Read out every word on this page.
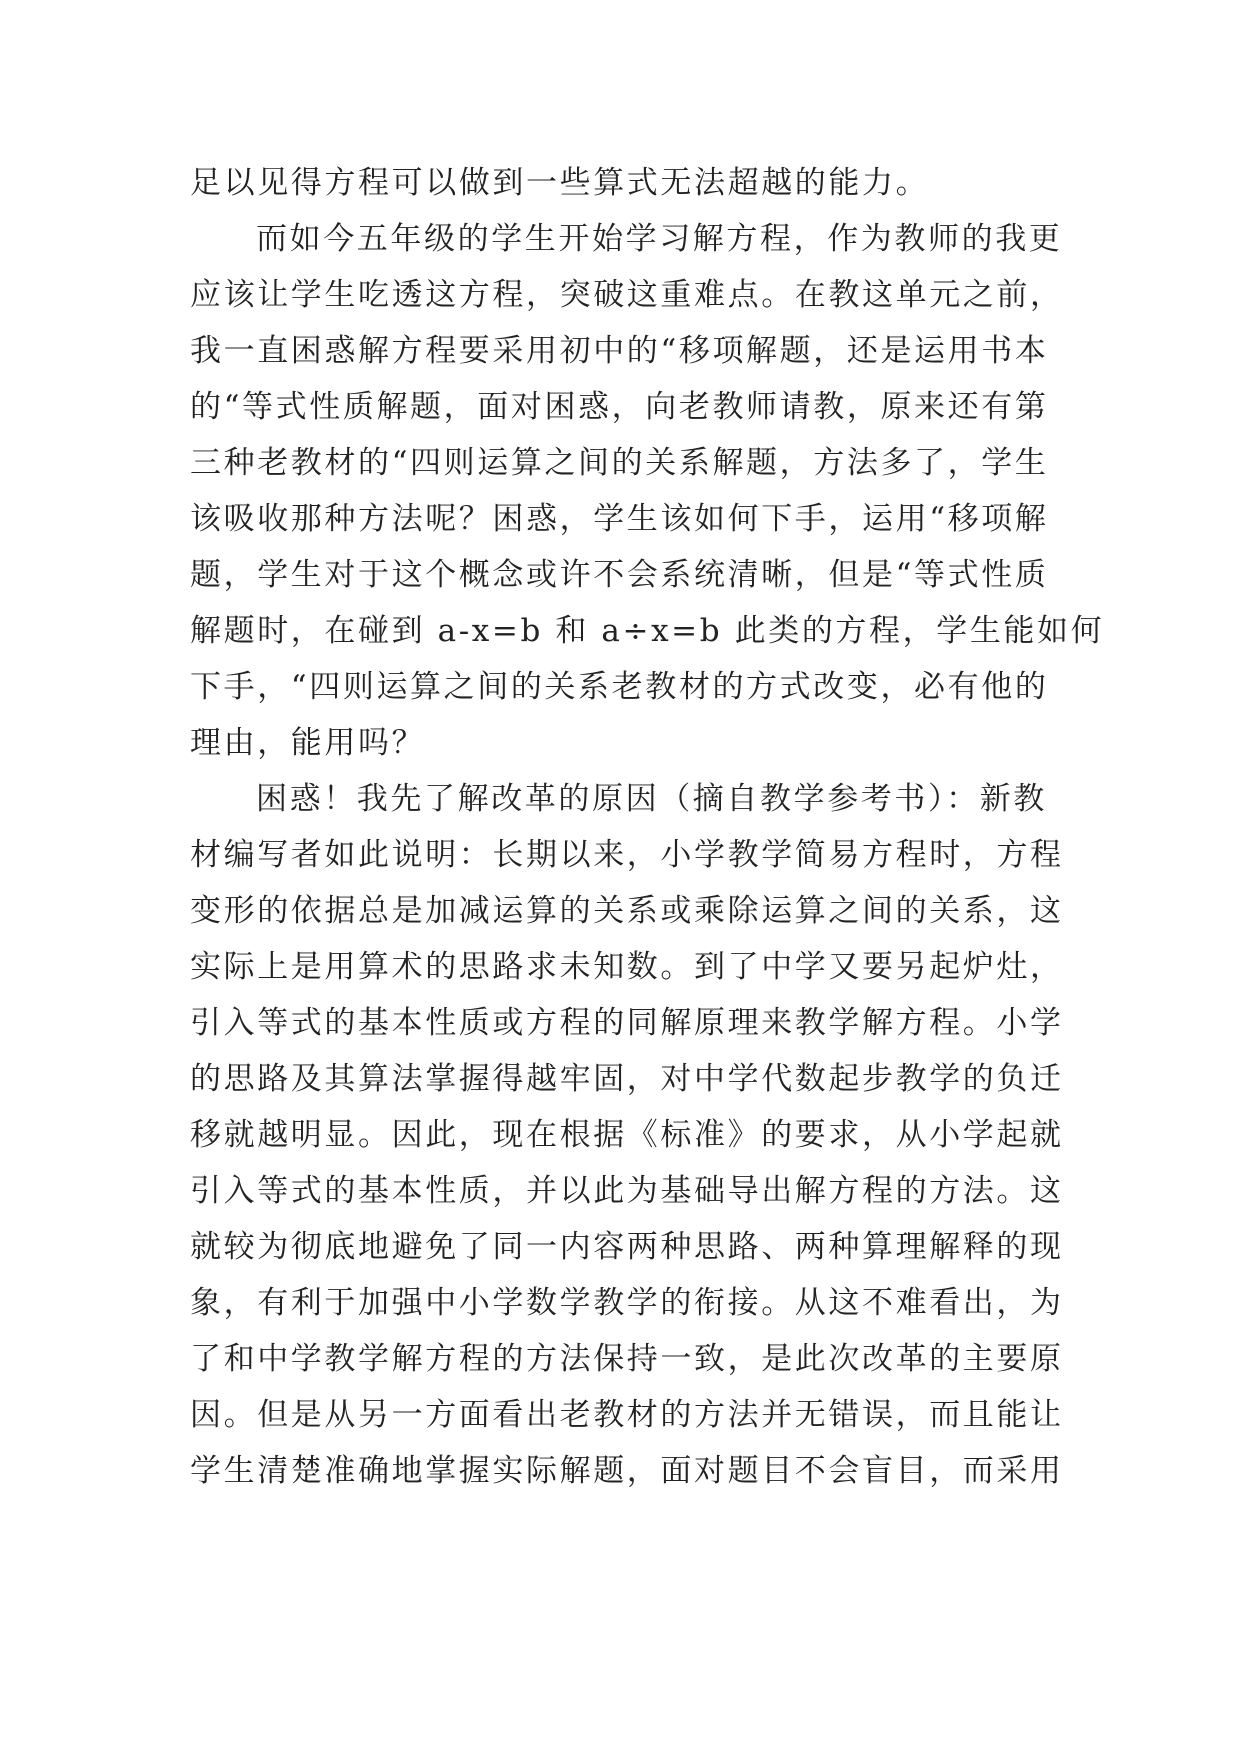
足以见得方程可以做到一些算式无法超越的能力。
而如今五年级的学生开始学习解方程，作为教师的我更
应该让学生吃透这方程，突破这重难点。在教这单元之前，
我一直困惑解方程要采用初中的“移项解题，还是运用书本
的“等式性质解题，面对困惑，向老教师请教，原来还有第
三种老教材的“四则运算之间的关系解题，方法多了，学生
该吸收那种方法呢？困惑，学生该如何下手，运用“移项解
题，学生对于这个概念或许不会系统清晰，但是“等式性质
解题时，在碰到 a-x=b 和 a÷x=b 此类的方程，学生能如何
下手，“四则运算之间的关系老教材的方式改变，必有他的
理由，能用吗？
困惑！我先了解改革的原因（摘自教学参考书）：新教
材编写者如此说明：长期以来，小学教学简易方程时，方程
变形的依据总是加减运算的关系或乘除运算之间的关系，这
实际上是用算术的思路求未知数。到了中学又要另起炉灶，
引入等式的基本性质或方程的同解原理来教学解方程。小学
的思路及其算法掌握得越牢固，对中学代数起步教学的负迁
移就越明显。因此，现在根据《标准》的要求，从小学起就
引入等式的基本性质，并以此为基础导出解方程的方法。这
就较为彻底地避免了同一内容两种思路、两种算理解释的现
象，有利于加强中小学数学教学的衔接。从这不难看出，为
了和中学教学解方程的方法保持一致，是此次改革的主要原
因。但是从另一方面看出老教材的方法并无错误，而且能让
学生清楚准确地掌握实际解题，面对题目不会盲目，而采用
